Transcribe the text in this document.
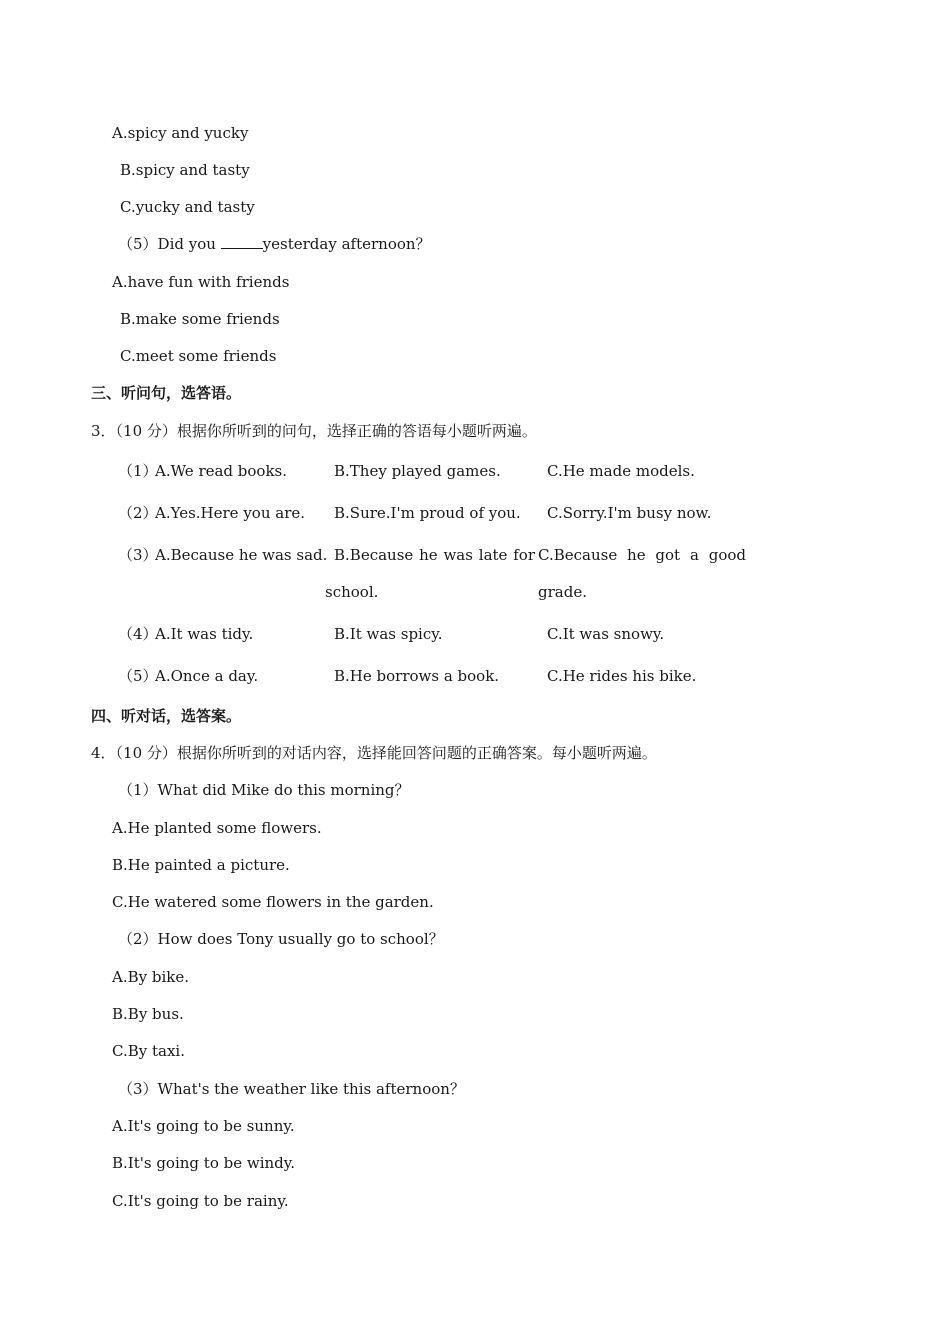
A.spicy and yucky
B.spicy and tasty
C.yucky and tasty
（5）Did you	yesterday afternoon？
A.have fun with friends
B.make some friends
C.meet some friends
三、听问句，选答语。
3．（10 分）根据你所听到的问句，选择正确的答语每小题听两遍。
（1）
A.We read books.	B.They played games.	C.He made models.
（2）
A.Yes.Here you are. B.Sure.I'm proud of you. C.Sorry.I'm busy now.
（3）
A.Because he was sad. B.Because he was late for C.Because he got a good
school.	grade.
（4）
A.It was tidy.	B.It was spicy.	C.It was snowy.
（5）
A.Once a day.	B.He borrows a book.	C.He rides his bike.
四、听对话，选答案。
4．（10 分）根据你所听到的对话内容，选择能回答问题的正确答案。每小题听两遍。
（1）What did Mike do this morning？
A.He planted some flowers.
B.He painted a picture.
C.He watered some flowers in the garden.
（2）How does Tony usually go to school？
A.By bike.
B.By bus.
C.By taxi.
（3）What's the weather like this afternoon？
A.It's going to be sunny.
B.It's going to be windy.
C.It's going to be rainy.
